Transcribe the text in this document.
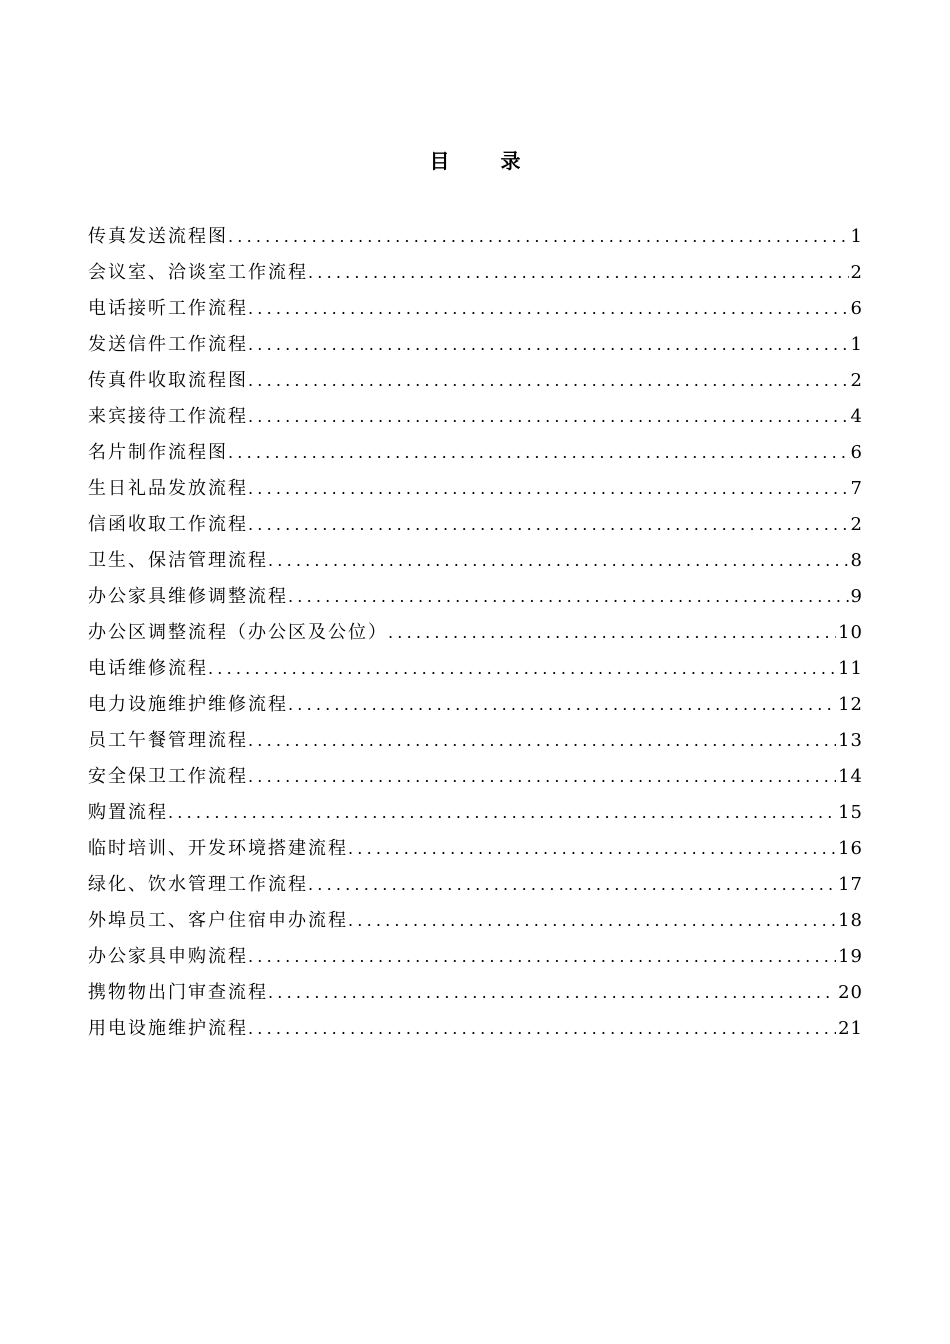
目 录
传真发送流程图 .....	1
会议室、洽谈室工作流程 .....	2
电话接听工作流程 .....	6
发送信件工作流程 .....	1
传真件收取流程图 .....	2
来宾接待工作流程 .....	4
名片制作流程图 .....	6
生日礼品发放流程 .....	7
信函收取工作流程 .....	2
卫生、保洁管理流程 .....	8
办公家具维修调整流程 .....	9
办公区调整流程（办公区及公位） .....	10
电话维修流程 .....	11
电力设施维护维修流程 .....	12
员工午餐管理流程 .....	13
安全保卫工作流程 .....	14
购置流程 .....	15
临时培训、开发环境搭建流程 .....	16
绿化、饮水管理工作流程 .....	17
外埠员工、客户住宿申办流程 .....	18
办公家具申购流程 .....	19
携物物出门审查流程 .....	20
用电设施维护流程 .....	21
